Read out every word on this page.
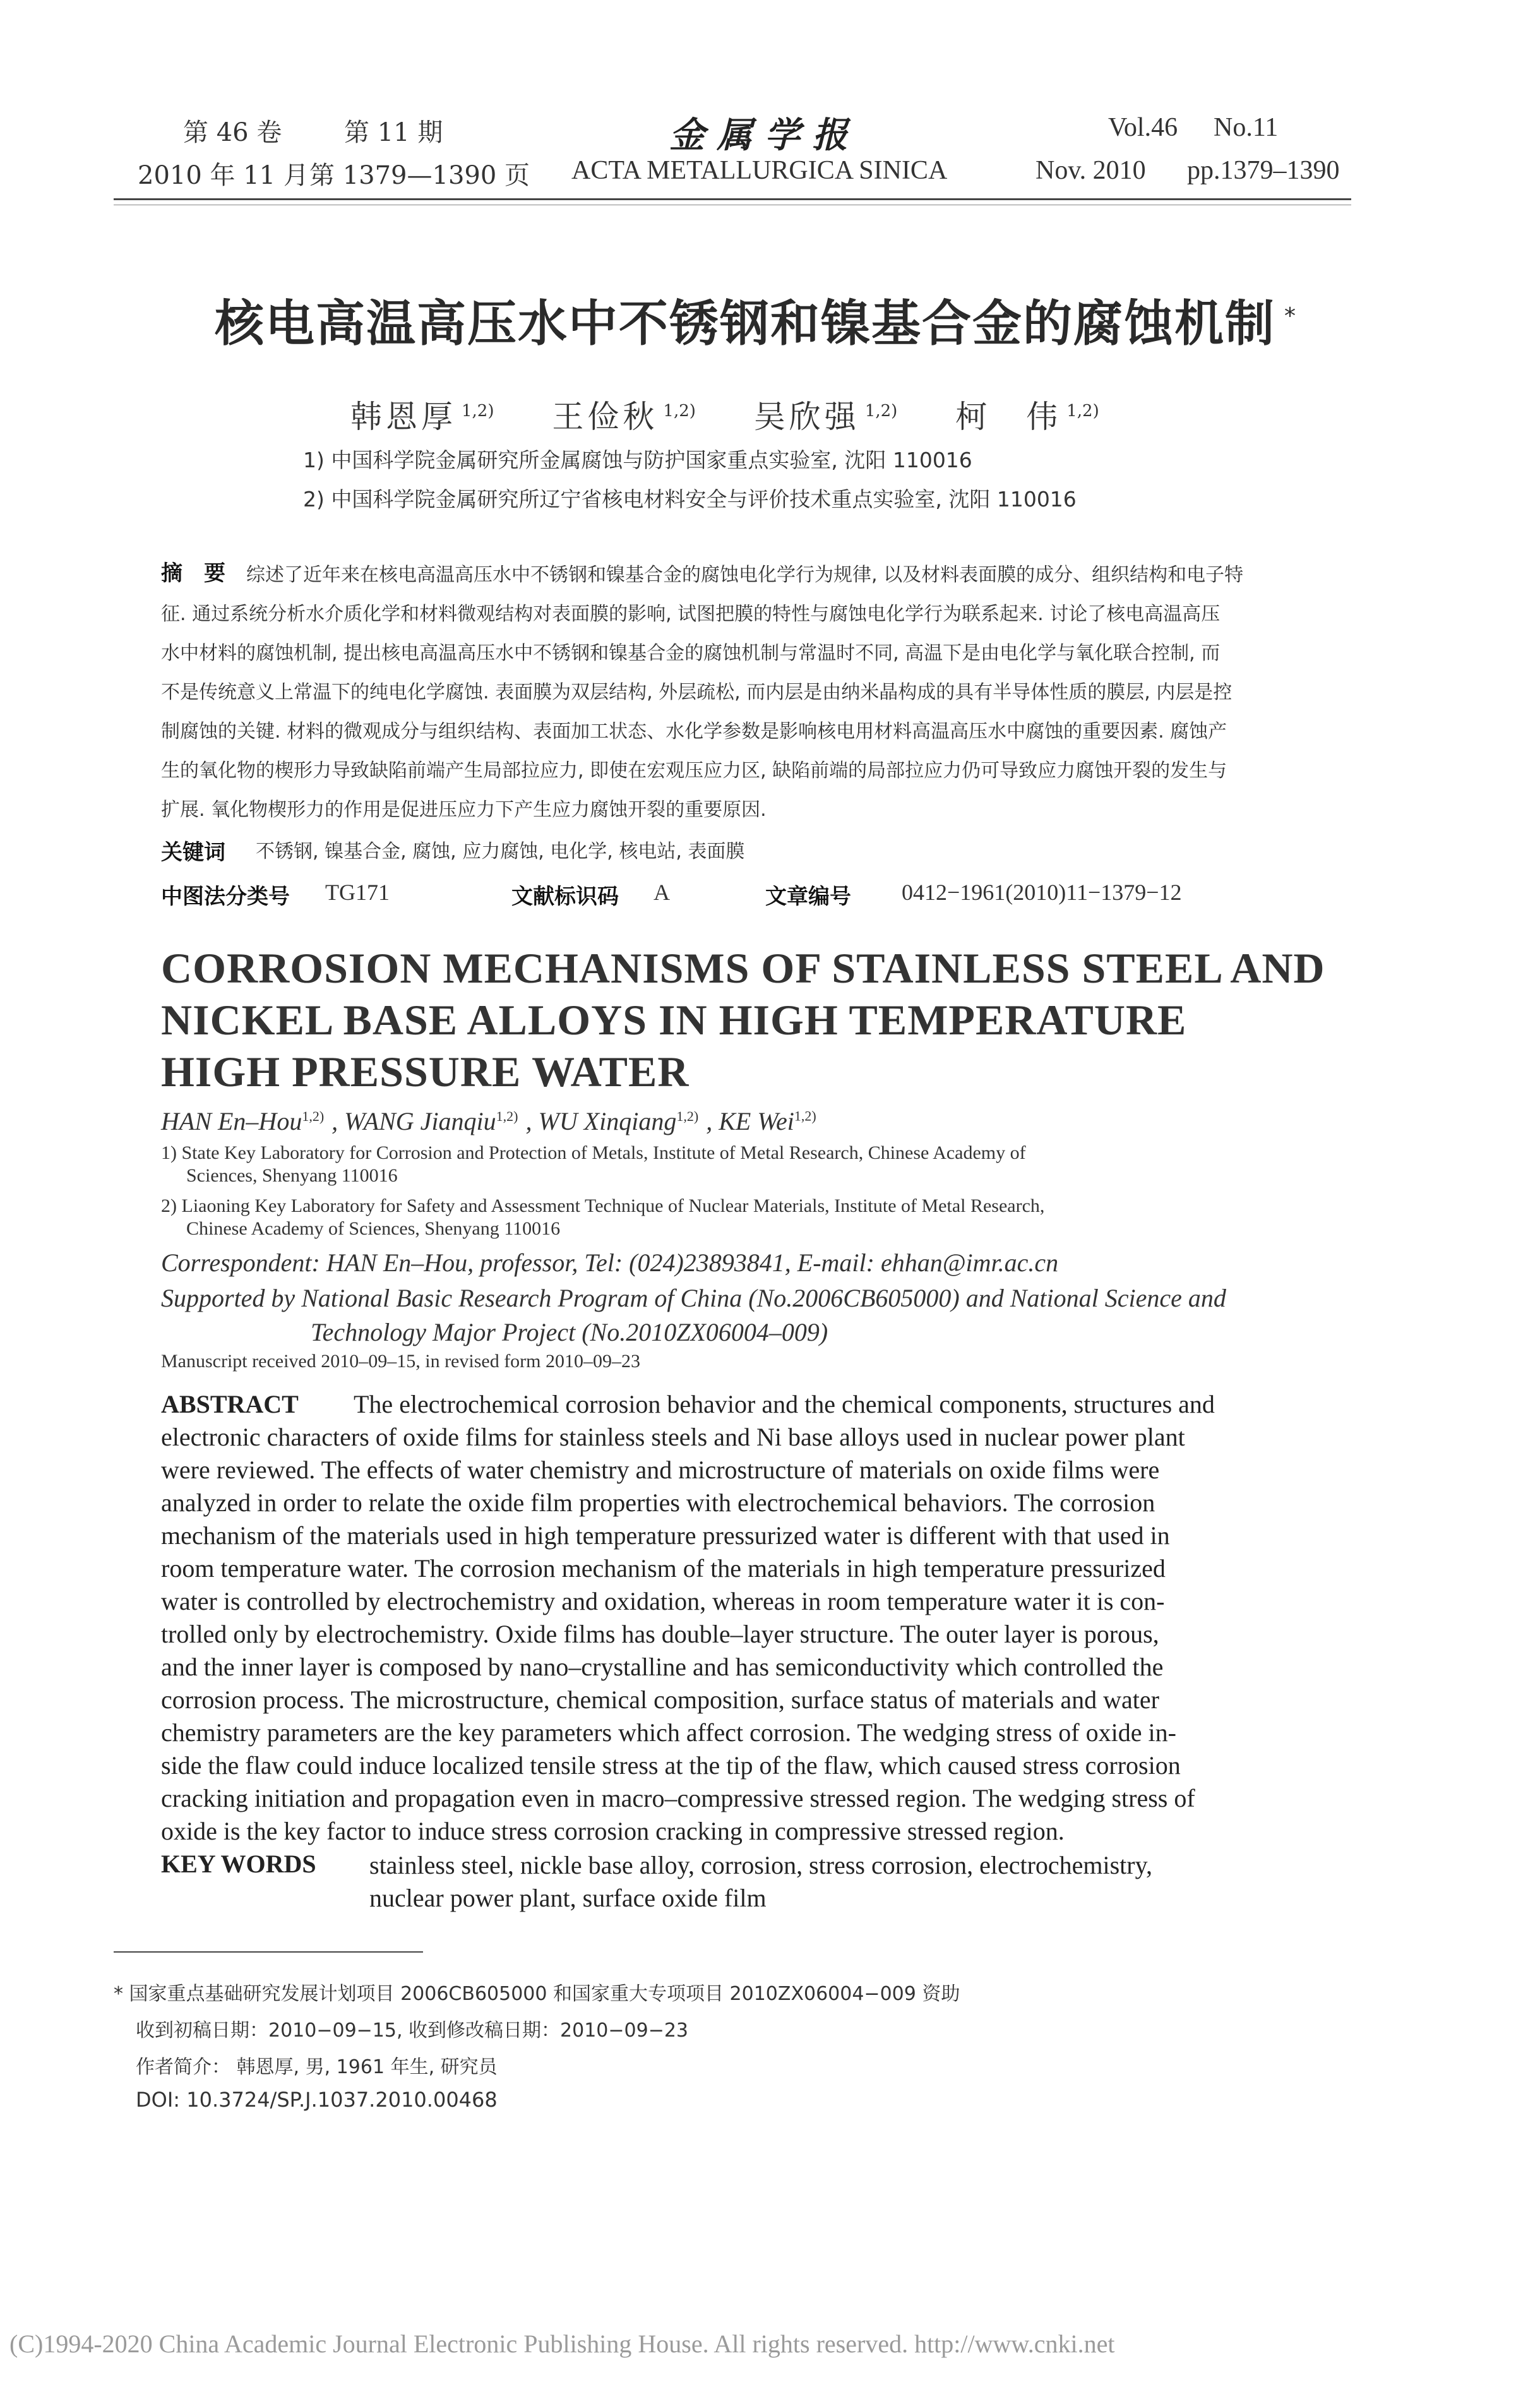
第 46 卷 第 11 期
2010 年 11 月 第 1379—1390 页
金 属 学 报
ACTA METALLURGICA SINICA
Vol.46 No.11
Nov. 2010 pp.1379–1390
核电高温高压水中不锈钢和镍基合金的腐蚀机制 *
韩恩厚 $^{1,2)}$ 王俭秋 $^{1,2)}$ 吴欣强 $^{1,2)}$ 柯　伟 $^{1,2)}$
1) 中国科学院金属研究所金属腐蚀与防护国家重点实验室, 沈阳 110016
2) 中国科学院金属研究所辽宁省核电材料安全与评价技术重点实验室, 沈阳 110016
摘　要 综述了近年来在核电高温高压水中不锈钢和镍基合金的腐蚀电化学行为规律, 以及材料表面膜的成分、组织结构和电子特
征. 通过系统分析水介质化学和材料微观结构对表面膜的影响, 试图把膜的特性与腐蚀电化学行为联系起来. 讨论了核电高温高压
水中材料的腐蚀机制, 提出核电高温高压水中不锈钢和镍基合金的腐蚀机制与常温时不同, 高温下是由电化学与氧化联合控制, 而
不是传统意义上常温下的纯电化学腐蚀. 表面膜为双层结构, 外层疏松, 而内层是由纳米晶构成的具有半导体性质的膜层, 内层是控
制腐蚀的关键. 材料的微观成分与组织结构、表面加工状态、水化学参数是影响核电用材料高温高压水中腐蚀的重要因素. 腐蚀产
生的氧化物的楔形力导致缺陷前端产生局部拉应力, 即使在宏观压应力区, 缺陷前端的局部拉应力仍可导致应力腐蚀开裂的发生与
扩展. 氧化物楔形力的作用是促进压应力下产生应力腐蚀开裂的重要原因.
关键词 不锈钢, 镍基合金, 腐蚀, 应力腐蚀, 电化学, 核电站, 表面膜
中图法分类号 TG171	文献标识码 A	文章编号 0412−1961(2010)11−1379−12
CORROSION MECHANISMS OF STAINLESS STEEL AND
NICKEL BASE ALLOYS IN HIGH TEMPERATURE
HIGH PRESSURE WATER
HAN En–Hou$^{1,2)}$ , WANG Jianqiu$^{1,2)}$ , WU Xinqiang$^{1,2)}$ , KE Wei$^{1,2)}$
1) State Key Laboratory for Corrosion and Protection of Metals, Institute of Metal Research, Chinese Academy of
Sciences, Shenyang 110016
2) Liaoning Key Laboratory for Safety and Assessment Technique of Nuclear Materials, Institute of Metal Research,
Chinese Academy of Sciences, Shenyang 110016
Correspondent: HAN En–Hou, professor, Tel: (024)23893841, E-mail: ehhan@imr.ac.cn
Supported by National Basic Research Program of China (No.2006CB605000) and National Science and
Technology Major Project (No.2010ZX06004–009)
Manuscript received 2010–09–15, in revised form 2010–09–23
ABSTRACT The electrochemical corrosion behavior and the chemical components, structures and
electronic characters of oxide films for stainless steels and Ni base alloys used in nuclear power plant
were reviewed. The effects of water chemistry and microstructure of materials on oxide films were
analyzed in order to relate the oxide film properties with electrochemical behaviors. The corrosion
mechanism of the materials used in high temperature pressurized water is different with that used in
room temperature water. The corrosion mechanism of the materials in high temperature pressurized
water is controlled by electrochemistry and oxidation, whereas in room temperature water it is con-
trolled only by electrochemistry. Oxide films has double–layer structure. The outer layer is porous,
and the inner layer is composed by nano–crystalline and has semiconductivity which controlled the
corrosion process. The microstructure, chemical composition, surface status of materials and water
chemistry parameters are the key parameters which affect corrosion. The wedging stress of oxide in-
side the flaw could induce localized tensile stress at the tip of the flaw, which caused stress corrosion
cracking initiation and propagation even in macro–compressive stressed region. The wedging stress of
oxide is the key factor to induce stress corrosion cracking in compressive stressed region.
KEY WORDS stainless steel, nickle base alloy, corrosion, stress corrosion, electrochemistry,
nuclear power plant, surface oxide film
* 国家重点基础研究发展计划项目 2006CB605000 和国家重大专项项目 2010ZX06004−009 资助
收到初稿日期：2010−09−15, 收到修改稿日期：2010−09−23
作者简介： 韩恩厚, 男, 1961 年生, 研究员
DOI: 10.3724/SP.J.1037.2010.00468
(C)1994-2020 China Academic Journal Electronic Publishing House. All rights reserved. http://www.cnki.net
